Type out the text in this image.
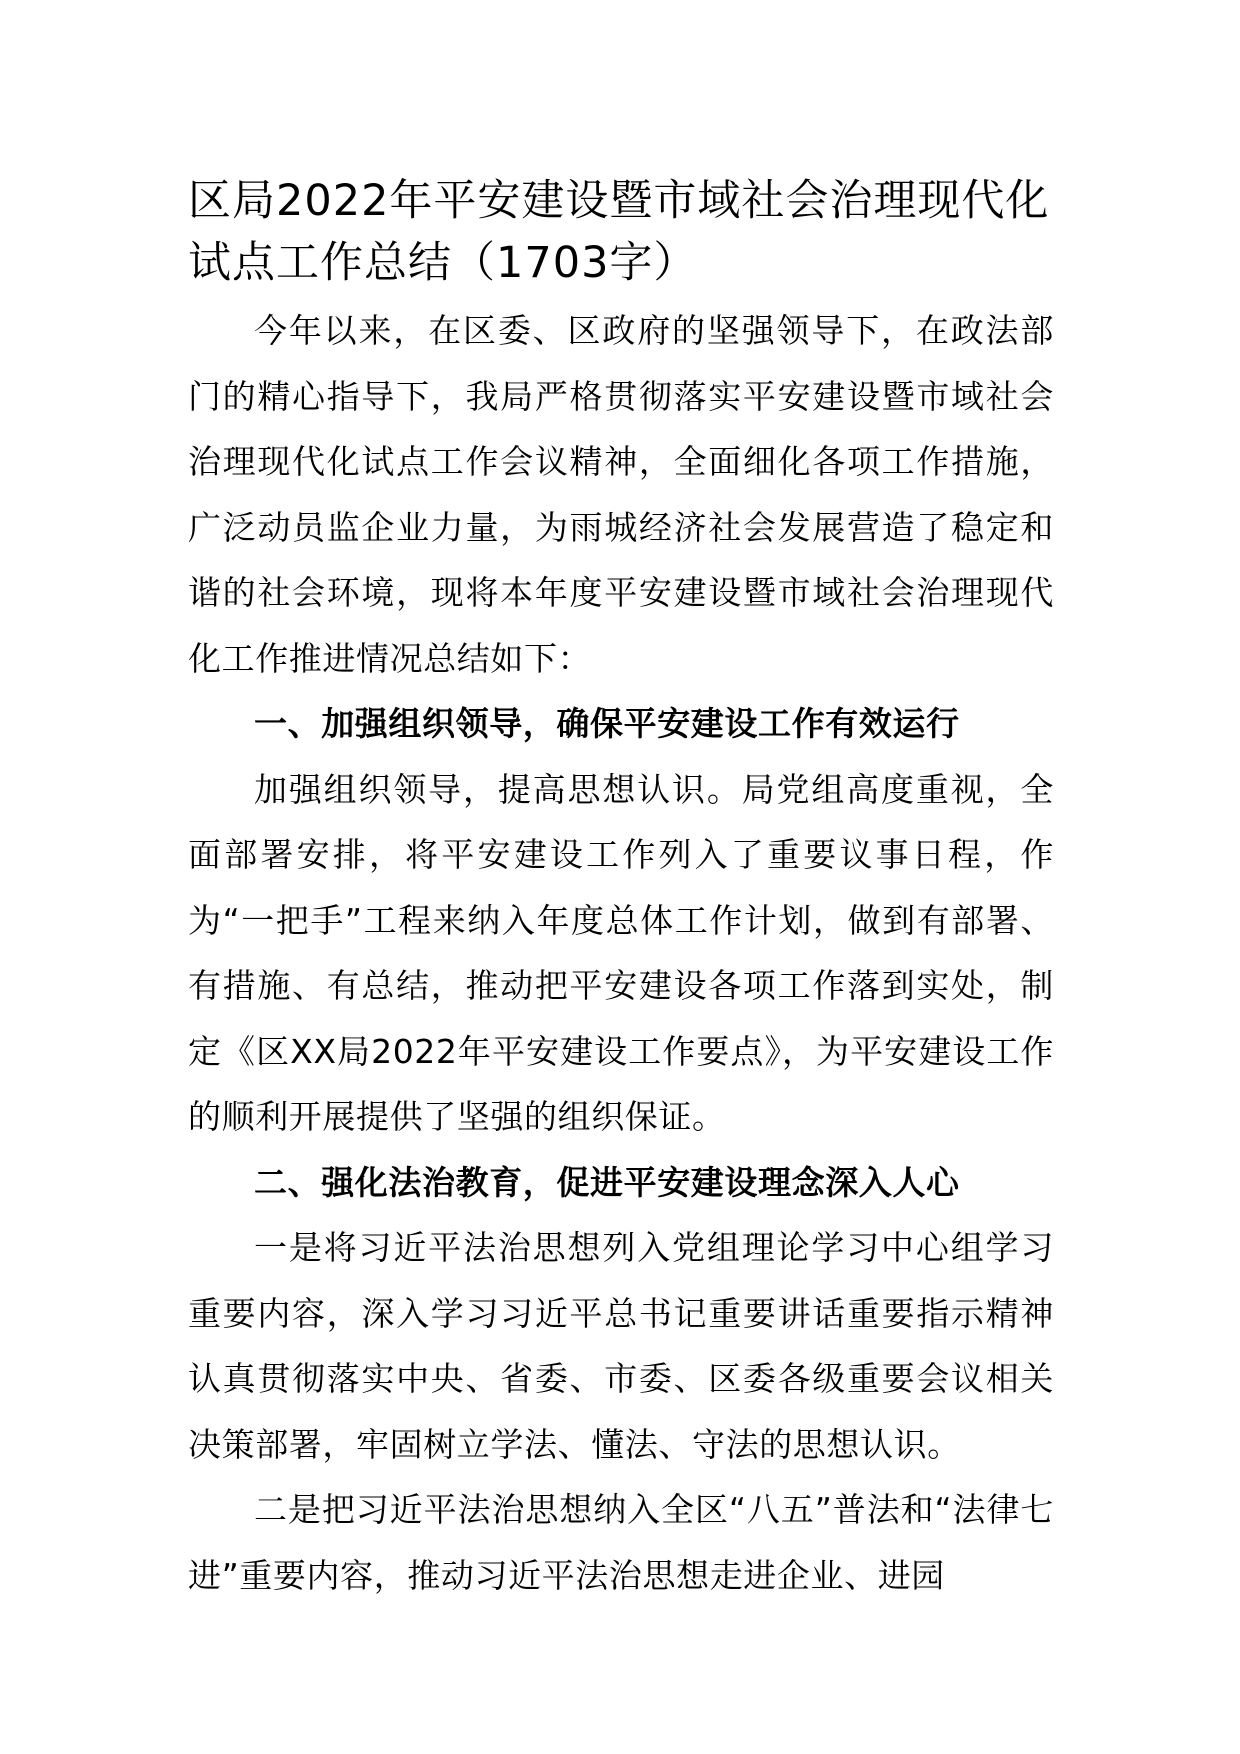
区局2022年平安建设暨市域社会治理现代化试点工作总结（1703字）

今年以来，在区委、区政府的坚强领导下，在政法部门的精心指导下，我局严格贯彻落实平安建设暨市域社会治理现代化试点工作会议精神，全面细化各项工作措施，广泛动员监企业力量，为雨城经济社会发展营造了稳定和谐的社会环境，现将本年度平安建设暨市域社会治理现代化工作推进情况总结如下：

一、加强组织领导，确保平安建设工作有效运行

加强组织领导，提高思想认识。局党组高度重视，全面部署安排，将平安建设工作列入了重要议事日程，作为“一把手”工程来纳入年度总体工作计划，做到有部署、有措施、有总结，推动把平安建设各项工作落到实处，制定《区XX局2022年平安建设工作要点》，为平安建设工作的顺利开展提供了坚强的组织保证。

二、强化法治教育，促进平安建设理念深入人心

一是将习近平法治思想列入党组理论学习中心组学习重要内容，深入学习习近平总书记重要讲话重要指示精神认真贯彻落实中央、省委、市委、区委各级重要会议相关决策部署，牢固树立学法、懂法、守法的思想认识。

二是把习近平法治思想纳入全区“八五”普法和“法律七进”重要内容，推动习近平法治思想走进企业、进园
